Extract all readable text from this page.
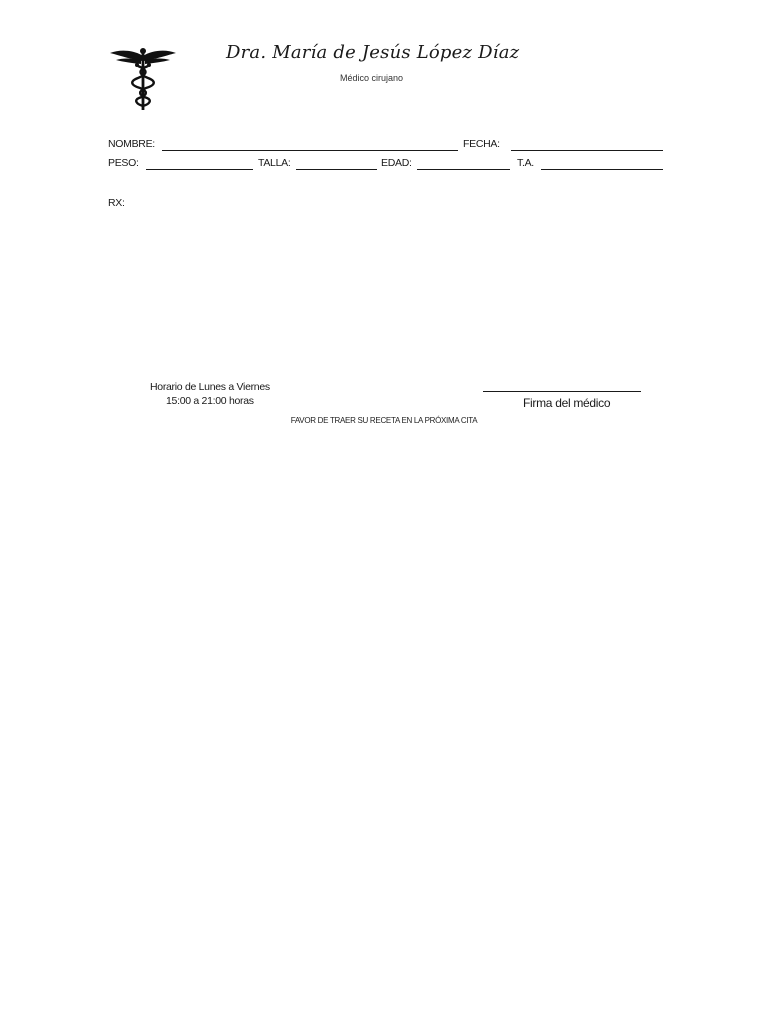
Dra. María de Jesús López Díaz
Médico cirujano
NOMBRE:	FECHA:
PESO:	TALLA:	EDAD:	T.A.
RX:
Horario de Lunes a Viernes
15:00 a 21:00 horas	Firma del médico
FAVOR DE TRAER SU RECETA EN LA PRÓXIMA CITA
